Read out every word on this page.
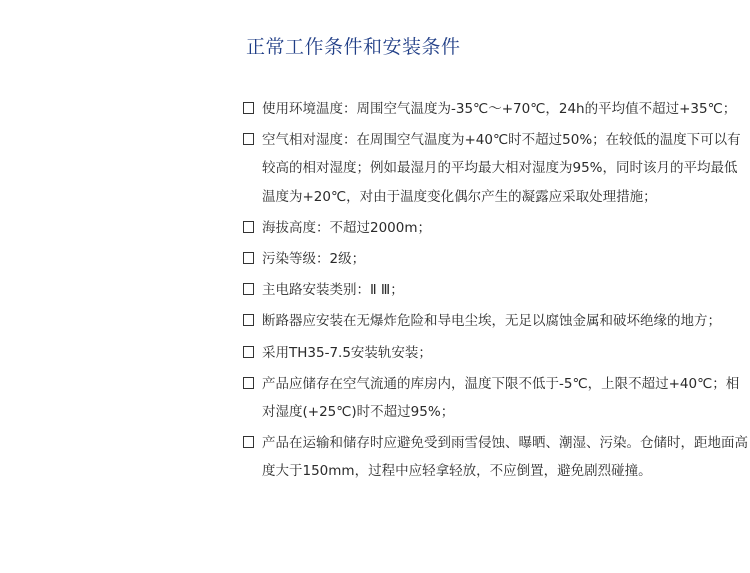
正常工作条件和安装条件
使用环境温度：周围空气温度为-35℃～+70℃，24h的平均值不超过+35℃；
空气相对湿度：在周围空气温度为+40℃时不超过50%；在较低的温度下可以有较高的相对湿度；例如最湿月的平均最大相对湿度为95%，同时该月的平均最低温度为+20℃，对由于温度变化偶尔产生的凝露应采取处理措施；
海拔高度：不超过2000m；
污染等级：2级；
主电路安装类别：Ⅱ Ⅲ；
断路器应安装在无爆炸危险和导电尘埃，无足以腐蚀金属和破坏绝缘的地方；
采用TH35-7.5安装轨安装；
产品应储存在空气流通的库房内，温度下限不低于-5℃，上限不超过+40℃；相对湿度(+25℃)时不超过95%；
产品在运输和储存时应避免受到雨雪侵蚀、曝晒、潮湿、污染。仓储时，距地面高度大于150mm，过程中应轻拿轻放，不应倒置，避免剧烈碰撞。
